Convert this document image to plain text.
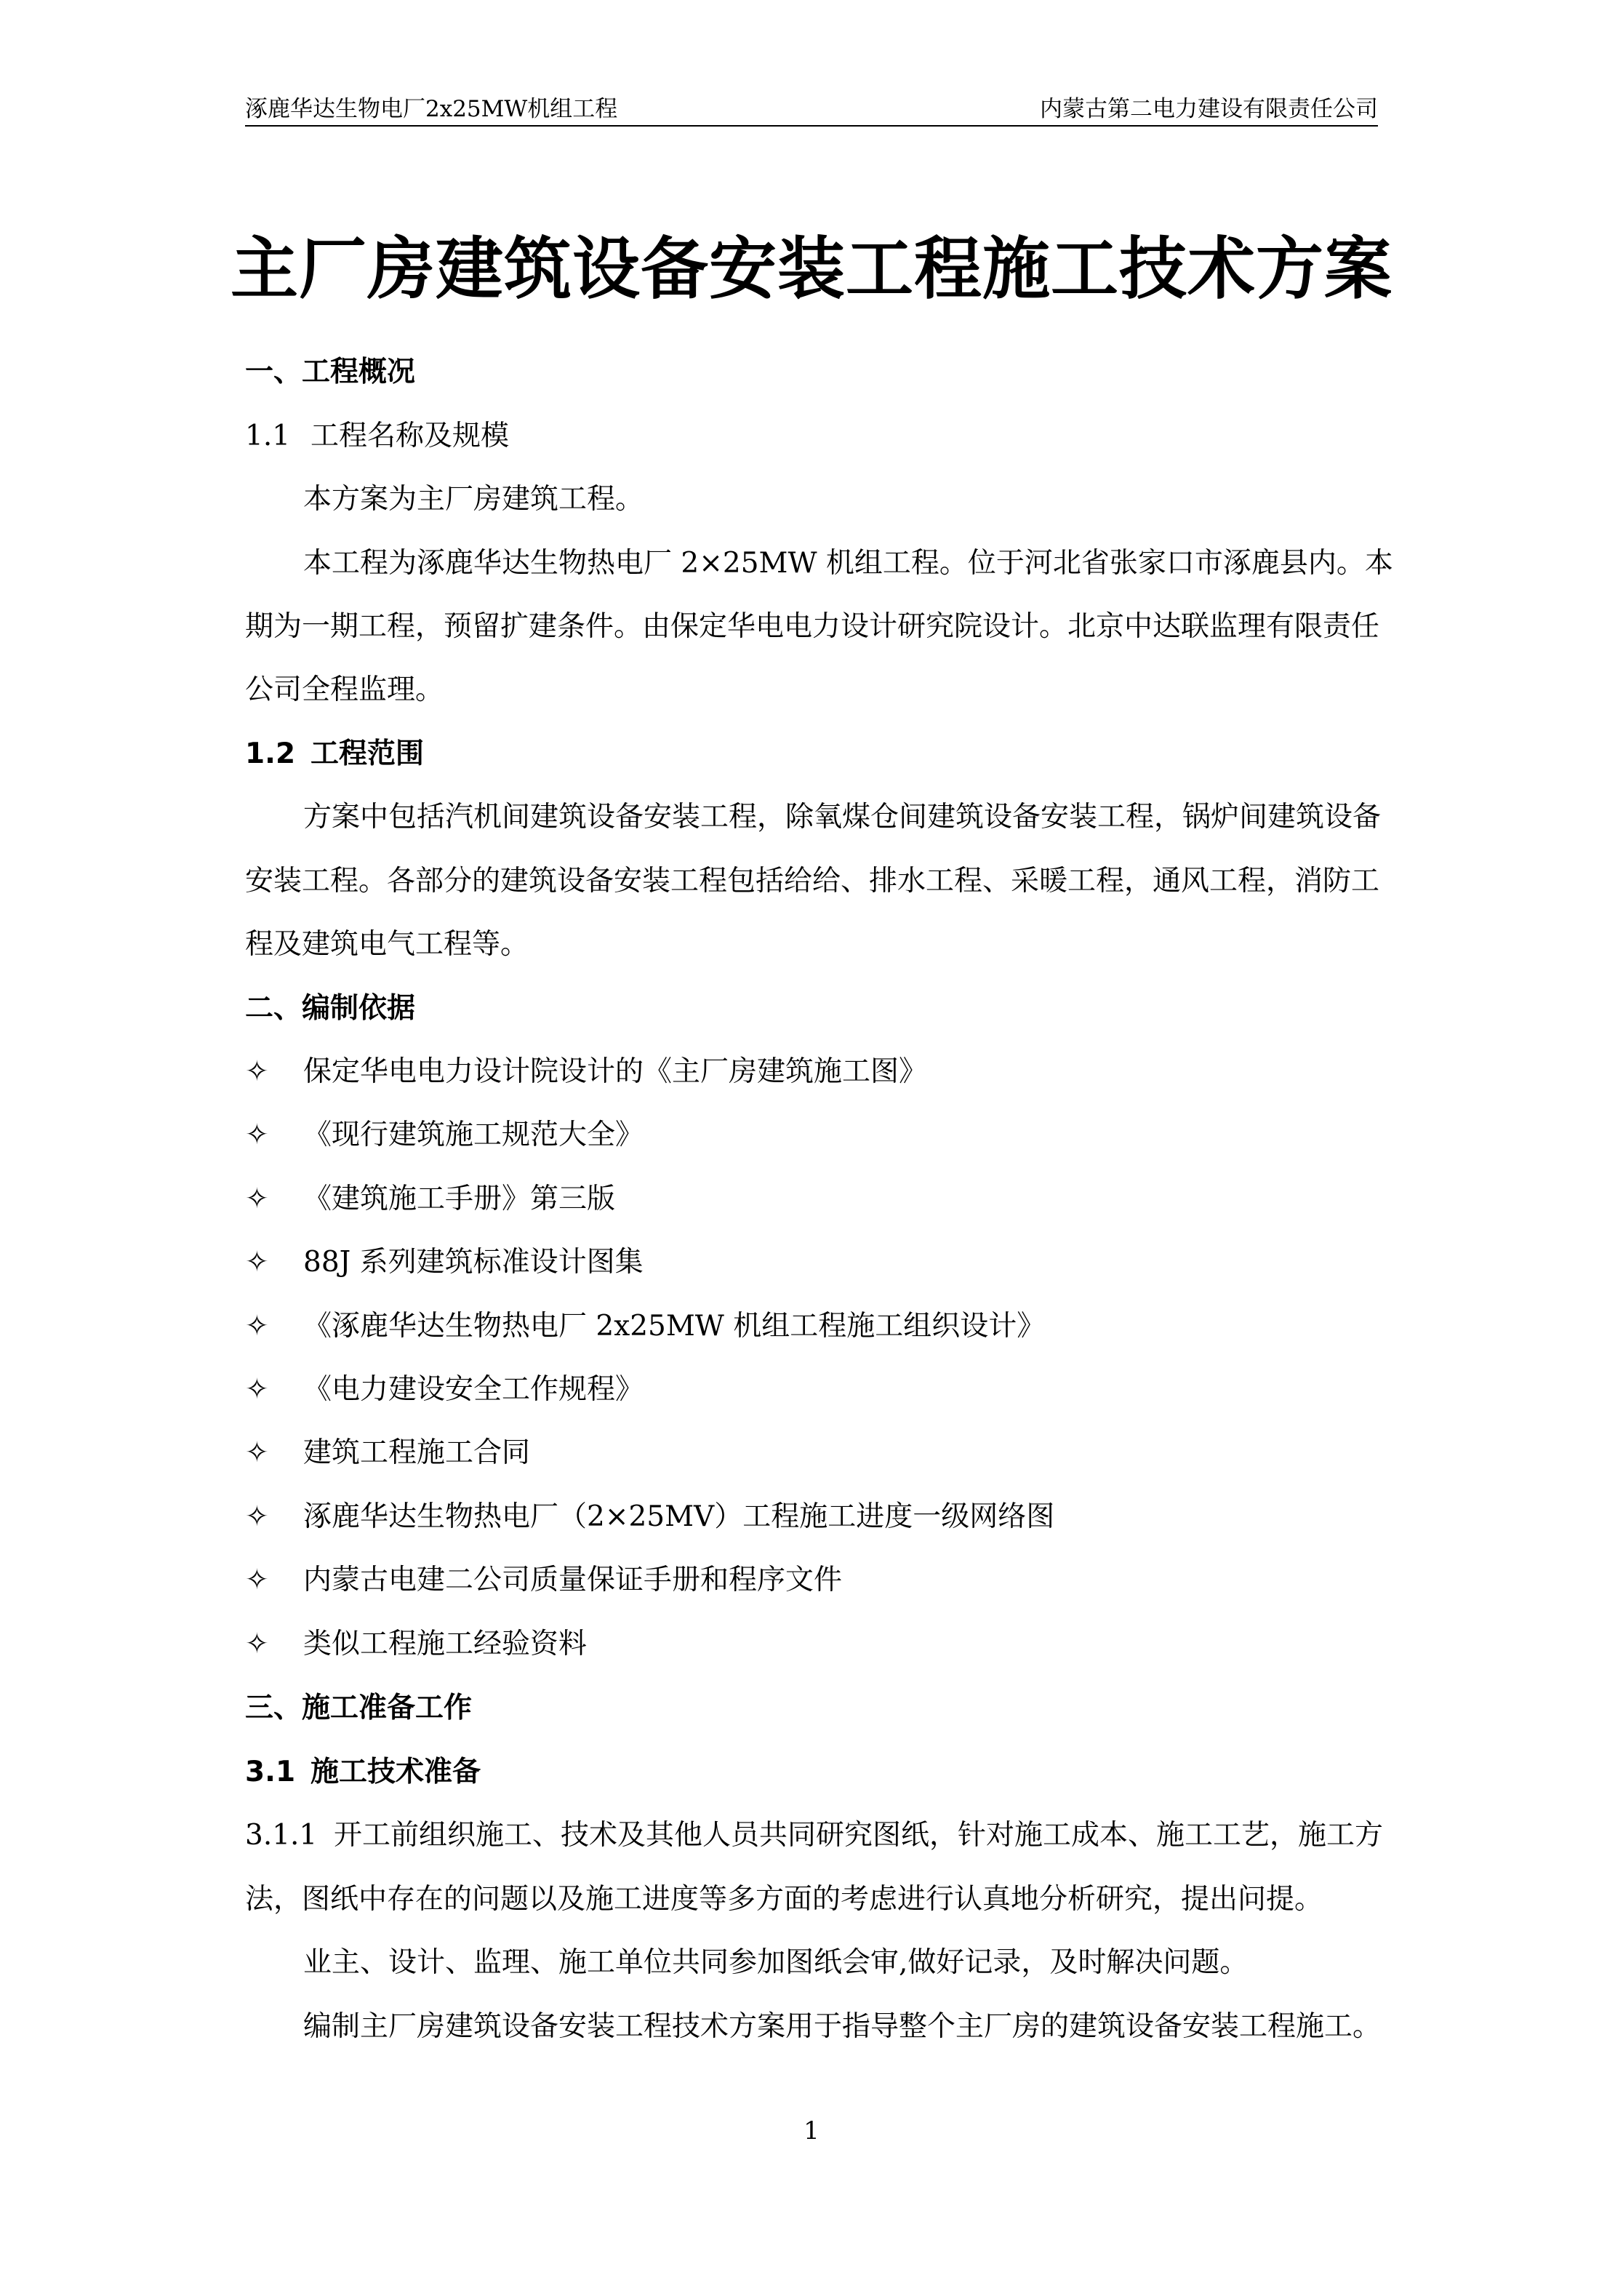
涿鹿华达生物电厂2x25MW机组工程	内蒙古第二电力建设有限责任公司
主厂房建筑设备安装工程施工技术方案
一、工程概况
1.1 工程名称及规模
本方案为主厂房建筑工程。
本工程为涿鹿华达生物热电厂 2×25MW 机组工程。位于河北省张家口市涿鹿县内。本
期为一期工程，预留扩建条件。由保定华电电力设计研究院设计。北京中达联监理有限责任
公司全程监理。
1.2 工程范围
方案中包括汽机间建筑设备安装工程，除氧煤仓间建筑设备安装工程，锅炉间建筑设备
安装工程。各部分的建筑设备安装工程包括给给、排水工程、采暖工程，通风工程，消防工
程及建筑电气工程等。
二、编制依据
✧ 保定华电电力设计院设计的《主厂房建筑施工图》
✧ 《现行建筑施工规范大全》
✧ 《建筑施工手册》第三版
✧ 88J 系列建筑标准设计图集
✧ 《涿鹿华达生物热电厂 2x25MW 机组工程施工组织设计》
✧ 《电力建设安全工作规程》
✧ 建筑工程施工合同
✧ 涿鹿华达生物热电厂（2×25MV）工程施工进度一级网络图
✧ 内蒙古电建二公司质量保证手册和程序文件
✧ 类似工程施工经验资料
三、施工准备工作
3.1 施工技术准备
3.1.1 开工前组织施工、技术及其他人员共同研究图纸，针对施工成本、施工工艺，施工方
法，图纸中存在的问题以及施工进度等多方面的考虑进行认真地分析研究，提出问提。
业主、设计、监理、施工单位共同参加图纸会审,做好记录，及时解决问题。
编制主厂房建筑设备安装工程技术方案用于指导整个主厂房的建筑设备安装工程施工。
1
